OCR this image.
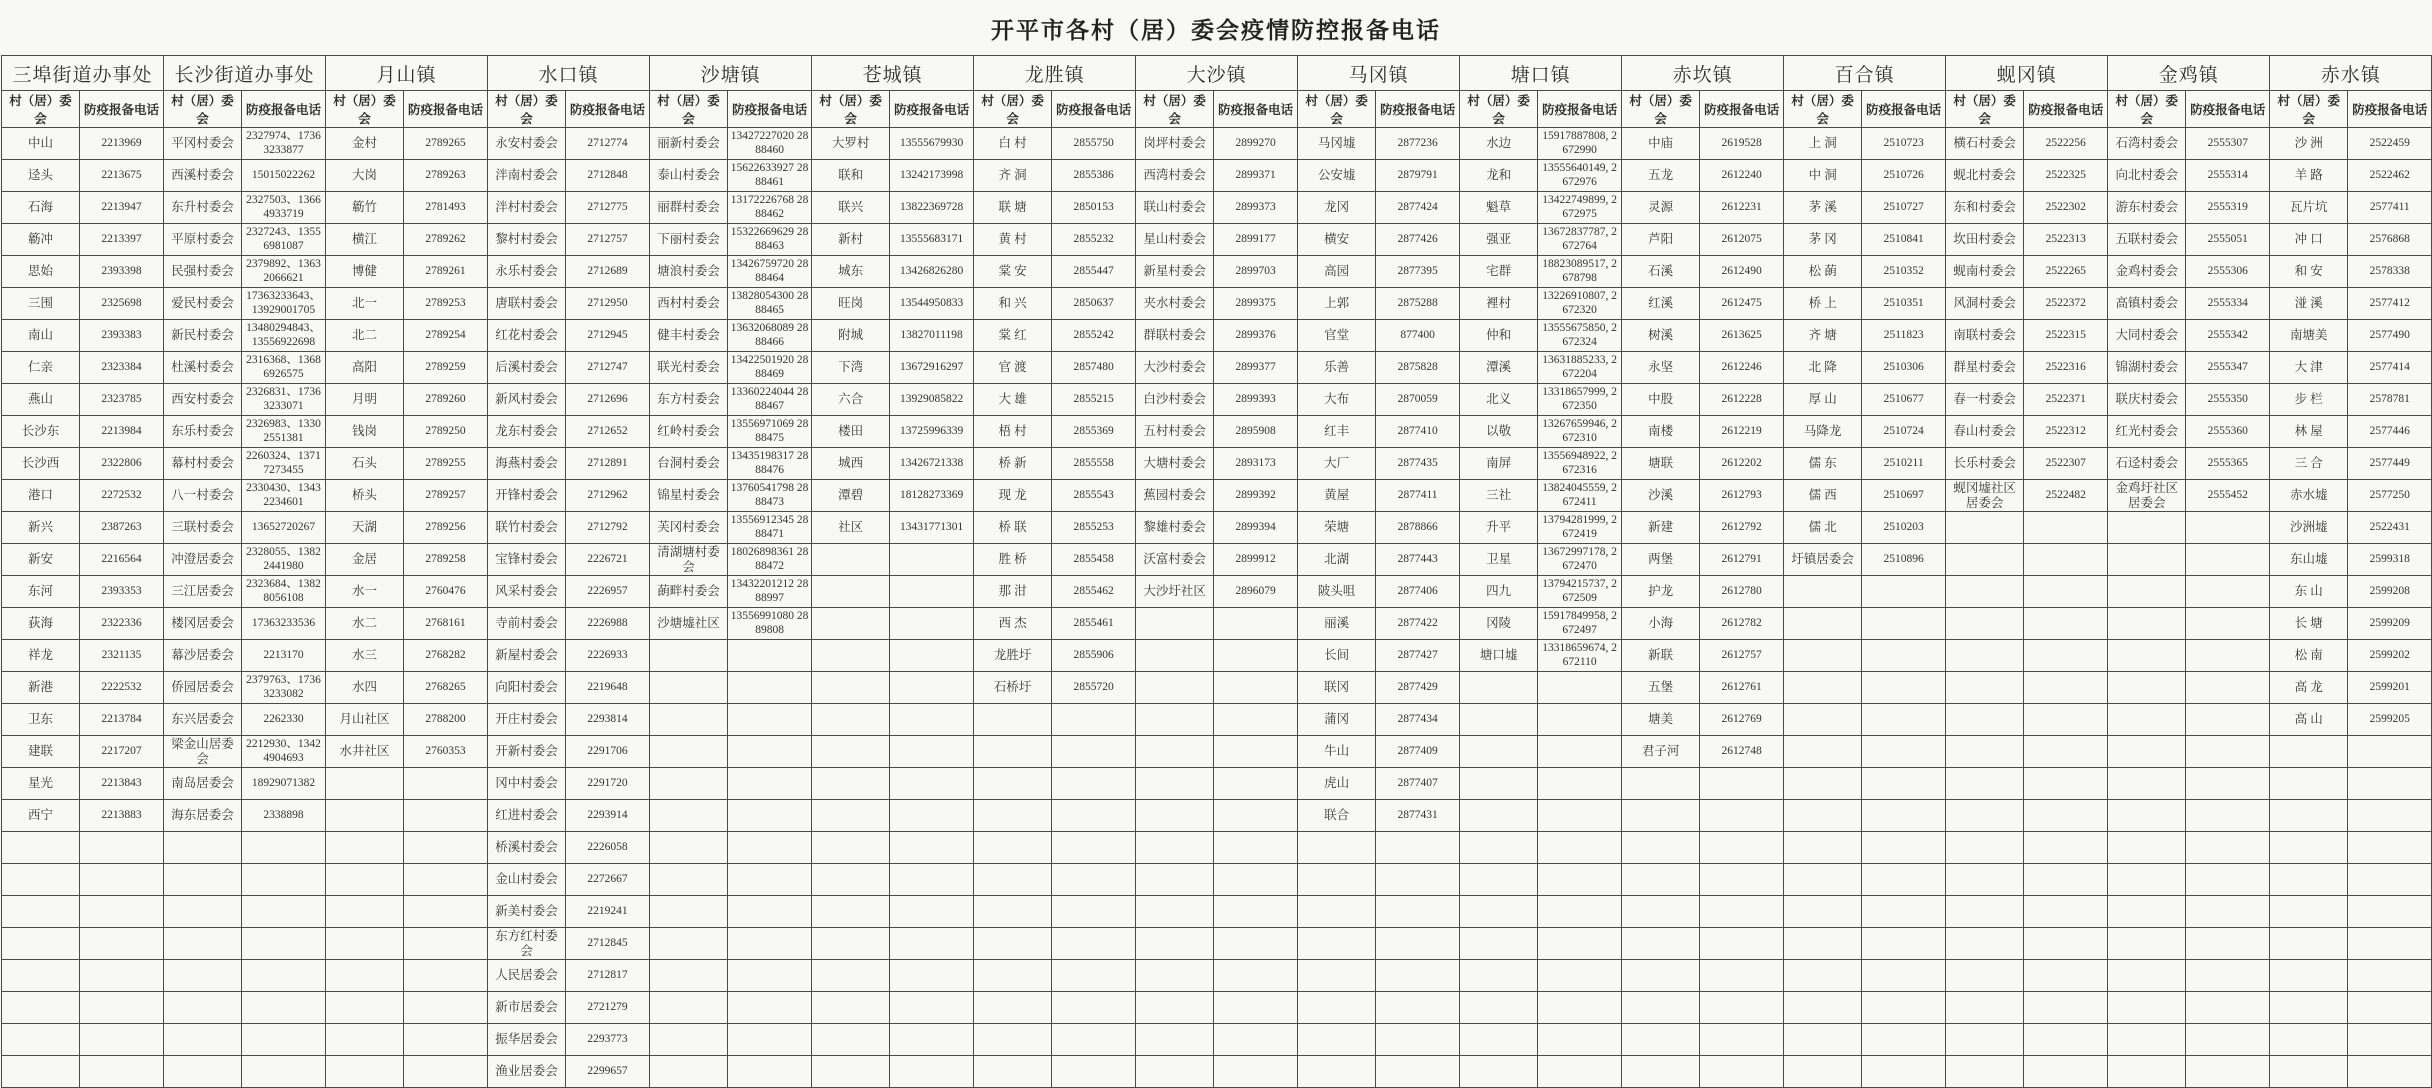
开平市各村（居）委会疫情防控报备电话
三埠街道办事处		长沙街道办事处		月山镇		水口镇		沙塘镇		苍城镇		龙胜镇		大沙镇		马冈镇		塘口镇		赤坎镇		百合镇		蚬冈镇		金鸡镇		赤水镇	
村（居）委会	防疫报备电话	村（居）委会	防疫报备电话	村（居）委会	防疫报备电话	村（居）委会	防疫报备电话	村（居）委会	防疫报备电话	村（居）委会	防疫报备电话	村（居）委会	防疫报备电话	村（居）委会	防疫报备电话	村（居）委会	防疫报备电话	村（居）委会	防疫报备电话	村（居）委会	防疫报备电话	村（居）委会	防疫报备电话	村（居）委会	防疫报备电话	村（居）委会	防疫报备电话	村（居）委会	防疫报备电话
中山	2213969	平冈村委会	2327974、17363233877	金村	2789265	永安村委会	2712774	丽新村委会	13427227020 2888460	大罗村	13555679930	白 村	2855750	岗坪村委会	2899270	马冈墟	2877236	水边	15917887808, 2672990	中庙	2619528	上 洞	2510723	横石村委会	2522256	石湾村委会	2555307	沙 洲	2522459
迳头	2213675	西溪村委会	15015022262	大岗	2789263	泮南村委会	2712848	泰山村委会	15622633927 2888461	联和	13242173998	齐 洞	2855386	西湾村委会	2899371	公安墟	2879791	龙和	13555640149, 2672976	五龙	2612240	中 洞	2510726	蚬北村委会	2522325	向北村委会	2555314	羊 路	2522462
石海	2213947	东升村委会	2327503、13664933719	簕竹	2781493	泮村村委会	2712775	丽群村委会	13172226768 2888462	联兴	13822369728	联 塘	2850153	联山村委会	2899373	龙冈	2877424	魁草	13422749899, 2672975	灵源	2612231	茅 溪	2510727	东和村委会	2522302	游东村委会	2555319	瓦片坑	2577411
簕冲	2213397	平原村委会	2327243、13556981087	横江	2789262	黎村村委会	2712757	下丽村委会	15322669629 2888463	新村	13555683171	黄 村	2855232	星山村委会	2899177	横安	2877426	强亚	13672837787, 2672764	芦阳	2612075	茅 冈	2510841	坎田村委会	2522313	五联村委会	2555051	冲 口	2576868
思始	2393398	民强村委会	2379892、13632066621	博健	2789261	永乐村委会	2712689	塘浪村委会	13426759720 2888464	城东	13426826280	棠 安	2855447	新星村委会	2899703	高园	2877395	宅群	18823089517, 2678798	石溪	2612490	松 蓢	2510352	蚬南村委会	2522265	金鸡村委会	2555306	和 安	2578338
三围	2325698	爱民村委会	17363233643、13929001705	北一	2789253	唐联村委会	2712950	西村村委会	13828054300 2888465	旺岗	13544950833	和 兴	2850637	夹水村委会	2899375	上郭	2875288	裡村	13226910807, 2672320	红溪	2612475	桥 上	2510351	风洞村委会	2522372	高镇村委会	2555334	湴 溪	2577412
南山	2393383	新民村委会	13480294843、13556922698	北二	2789254	红花村委会	2712945	健丰村委会	13632068089 2888466	附城	13827011198	棠 红	2855242	群联村委会	2899376	官堂	877400	仲和	13555675850, 2672324	树溪	2613625	齐 塘	2511823	南联村委会	2522315	大同村委会	2555342	南塘美	2577490
仁亲	2323384	杜溪村委会	2316368、13686926575	高阳	2789259	后溪村委会	2712747	联光村委会	13422501920 2888469	下湾	13672916297	官 渡	2857480	大沙村委会	2899377	乐善	2875828	潭溪	13631885233, 2672204	永坚	2612246	北 降	2510306	群星村委会	2522316	锦湖村委会	2555347	大 津	2577414
燕山	2323785	西安村委会	2326831、17363233071	月明	2789260	新风村委会	2712696	东方村委会	13360224044 2888467	六合	13929085822	大 雄	2855215	白沙村委会	2899393	大布	2870059	北义	13318657999, 2672350	中股	2612228	厚 山	2510677	春一村委会	2522371	联庆村委会	2555350	步 栏	2578781
长沙东	2213984	东乐村委会	2326983、13302551381	钱岗	2789250	龙东村委会	2712652	红岭村委会	13556971069 2888475	楼田	13725996339	梧 村	2855369	五村村委会	2895908	红丰	2877410	以敬	13267659946, 2672310	南楼	2612219	马降龙	2510724	春山村委会	2522312	红光村委会	2555360	林 屋	2577446
长沙西	2322806	幕村村委会	2260324、13717273455	石头	2789255	海燕村委会	2712891	台洞村委会	13435198317 2888476	城西	13426721338	桥 新	2855558	大塘村委会	2893173	大厂	2877435	南屏	13556948922, 2672316	塘联	2612202	儒 东	2510211	长乐村委会	2522307	石迳村委会	2555365	三 合	2577449
港口	2272532	八一村委会	2330430、13432234601	桥头	2789257	开锋村委会	2712962	锦星村委会	13760541798 2888473	潭碧	18128273369	现 龙	2855543	蕉园村委会	2899392	黄屋	2877411	三社	13824045559, 2672411	沙溪	2612793	儒 西	2510697	蚬冈墟社区居委会	2522482	金鸡圩社区居委会	2555452	赤水墟	2577250
新兴	2387263	三联村委会	13652720267	天湖	2789256	联竹村委会	2712792	芙冈村委会	13556912345 2888471	社区	13431771301	桥 联	2855253	黎雄村委会	2899394	荣塘	2878866	升平	13794281999, 2672419	新建	2612792	儒 北	2510203					沙洲墟	2522431
新安	2216564	冲澄居委会	2328055、13822441980	金居	2789258	宝锋村委会	2226721	清湖塘村委会	18026898361 2888472			胜 桥	2855458	沃富村委会	2899912	北湖	2877443	卫星	13672997178, 2672470	两堡	2612791	圩镇居委会	2510896					东山墟	2599318
东河	2393353	三江居委会	2323684、13828056108	水一	2760476	风采村委会	2226957	蓢畔村委会	13432201212 2888997			那 泔	2855462	大沙圩社区	2896079	陂头咀	2877406	四九	13794215737, 2672509	护龙	2612780							东 山	2599208
荻海	2322336	楼冈居委会	17363233536	水二	2768161	寺前村委会	2226988	沙塘墟社区	13556991080 2889808			西 杰	2855461			丽溪	2877422	冈陵	15917849958, 2672497	小海	2612782							长 塘	2599209
祥龙	2321135	幕沙居委会	2213170	水三	2768282	新屋村委会	2226933					龙胜圩	2855906			长间	2877427	塘口墟	13318659674, 2672110	新联	2612757							松 南	2599202
新港	2222532	侨园居委会	2379763、17363233082	水四	2768265	向阳村委会	2219648					石桥圩	2855720			联冈	2877429			五堡	2612761							高 龙	2599201
卫东	2213784	东兴居委会	2262330	月山社区	2788200	开庄村委会	2293814									蒲冈	2877434			塘美	2612769							高 山	2599205
建联	2217207	梁金山居委会	2212930、13424904693	水井社区	2760353	开新村委会	2291706									牛山	2877409			君子河	2612748								
星光	2213843	南岛居委会	18929071382			冈中村委会	2291720									虎山	2877407												
西宁	2213883	海东居委会	2338898			红进村委会	2293914									联合	2877431												
						桥溪村委会	2226058																						
						金山村委会	2272667																						
						新美村委会	2219241																						
						东方红村委会	2712845																						
						人民居委会	2712817																						
						新市居委会	2721279																						
						振华居委会	2293773																						
						渔业居委会	2299657																						
